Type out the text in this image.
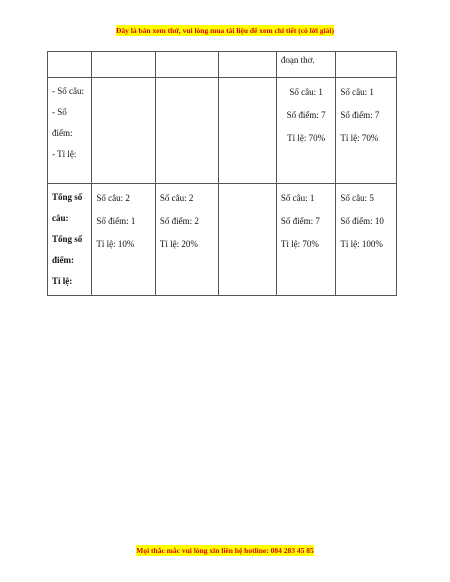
Đây là bản xem thử, vui lòng mua tài liệu để xem chi tiết (có lời giải)

				đoạn thơ.	

- Số câu:
- Số điểm:
- Tỉ lệ:				Số câu: 1
Số điểm: 7
Tỉ lệ: 70%	Số câu: 1
Số điểm: 7
Tỉ lệ: 70%

Tổng số câu:
Tổng số điểm:
Tỉ lệ:	Số câu: 2
Số điểm: 1
Tỉ lệ: 10%	Số câu: 2
Số điểm: 2
Tỉ lệ: 20%		Số câu: 1
Số điểm: 7
Tỉ lệ: 70%	Số câu: 5
Số điểm: 10
Tỉ lệ: 100%
Mọi thắc mắc vui lòng xin liên hệ hotline: 084 283 45 85
